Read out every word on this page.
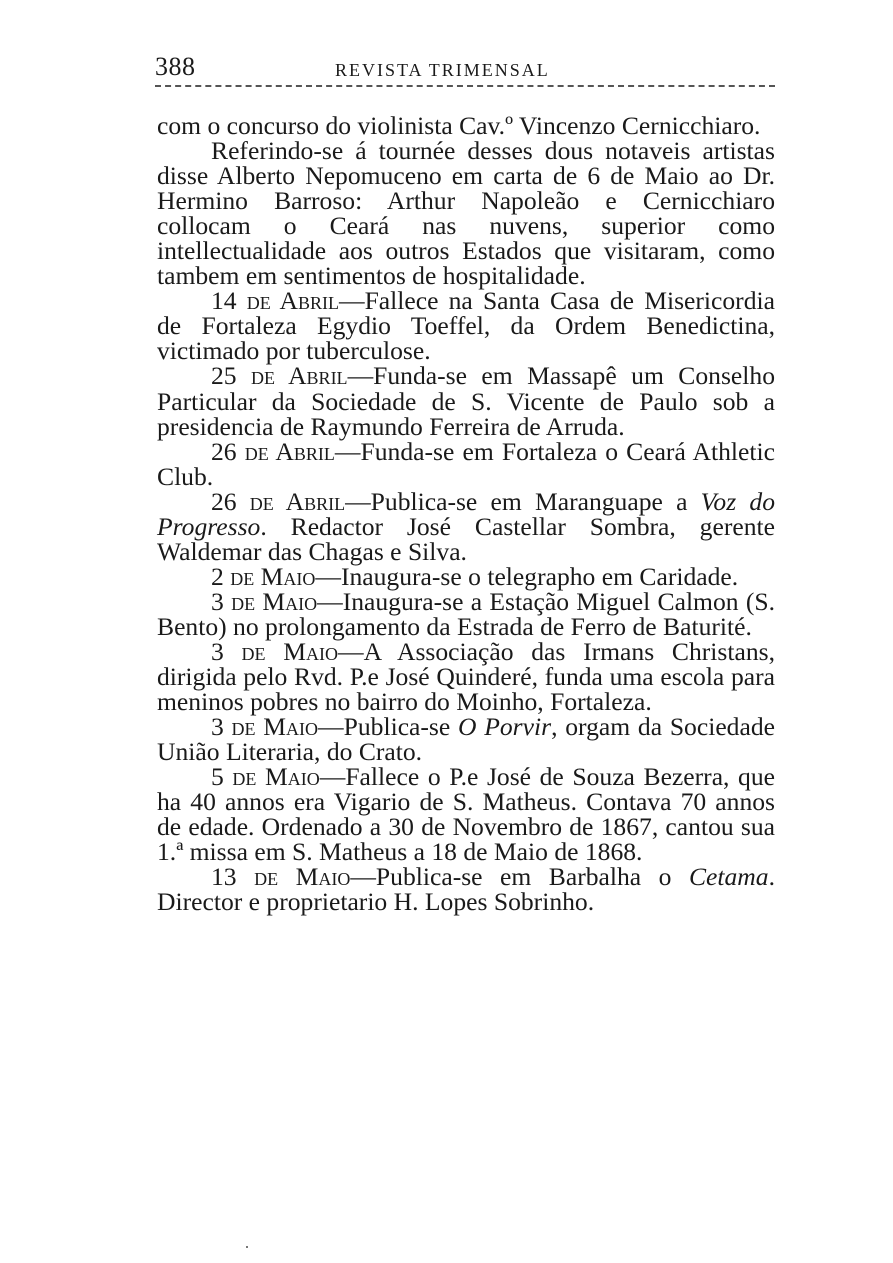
388	REVISTA TRIMENSAL

com o concurso do violinista Cav.º Vincenzo Cernicchiaro.

Referindo-se á tournée desses dous notaveis artistas disse Alberto Nepomuceno em carta de 6 de Maio ao Dr. Hermino Barroso: Arthur Napoleão e Cernicchiaro collocam o Ceará nas nuvens, superior como intellectualidade aos outros Estados que visitaram, como tambem em sentimentos de hospitalidade.

14 de Abril—Fallece na Santa Casa de Misericordia de Fortaleza Egydio Toeffel, da Ordem Benedictina, victimado por tuberculose.

25 de Abril—Funda-se em Massapê um Conselho Particular da Sociedade de S. Vicente de Paulo sob a presidencia de Raymundo Ferreira de Arruda.

26 de Abril—Funda-se em Fortaleza o Ceará Athletic Club.

26 de Abril—Publica-se em Maranguape a Voz do Progresso. Redactor José Castellar Sombra, gerente Waldemar das Chagas e Silva.

2 de Maio—Inaugura-se o telegrapho em Caridade.

3 de Maio—Inaugura-se a Estação Miguel Calmon (S. Bento) no prolongamento da Estrada de Ferro de Baturité.

3 de Maio—A Associação das Irmans Christans, dirigida pelo Rvd. P.e José Quinderé, funda uma escola para meninos pobres no bairro do Moinho, Fortaleza.

3 de Maio—Publica-se O Porvir, orgam da Sociedade União Literaria, do Crato.

5 de Maio—Fallece o P.e José de Souza Bezerra, que ha 40 annos era Vigario de S. Matheus. Contava 70 annos de edade. Ordenado a 30 de Novembro de 1867, cantou sua 1.ª missa em S. Matheus a 18 de Maio de 1868.

13 de Maio—Publica-se em Barbalha o Cetama. Director e proprietario H. Lopes Sobrinho.
